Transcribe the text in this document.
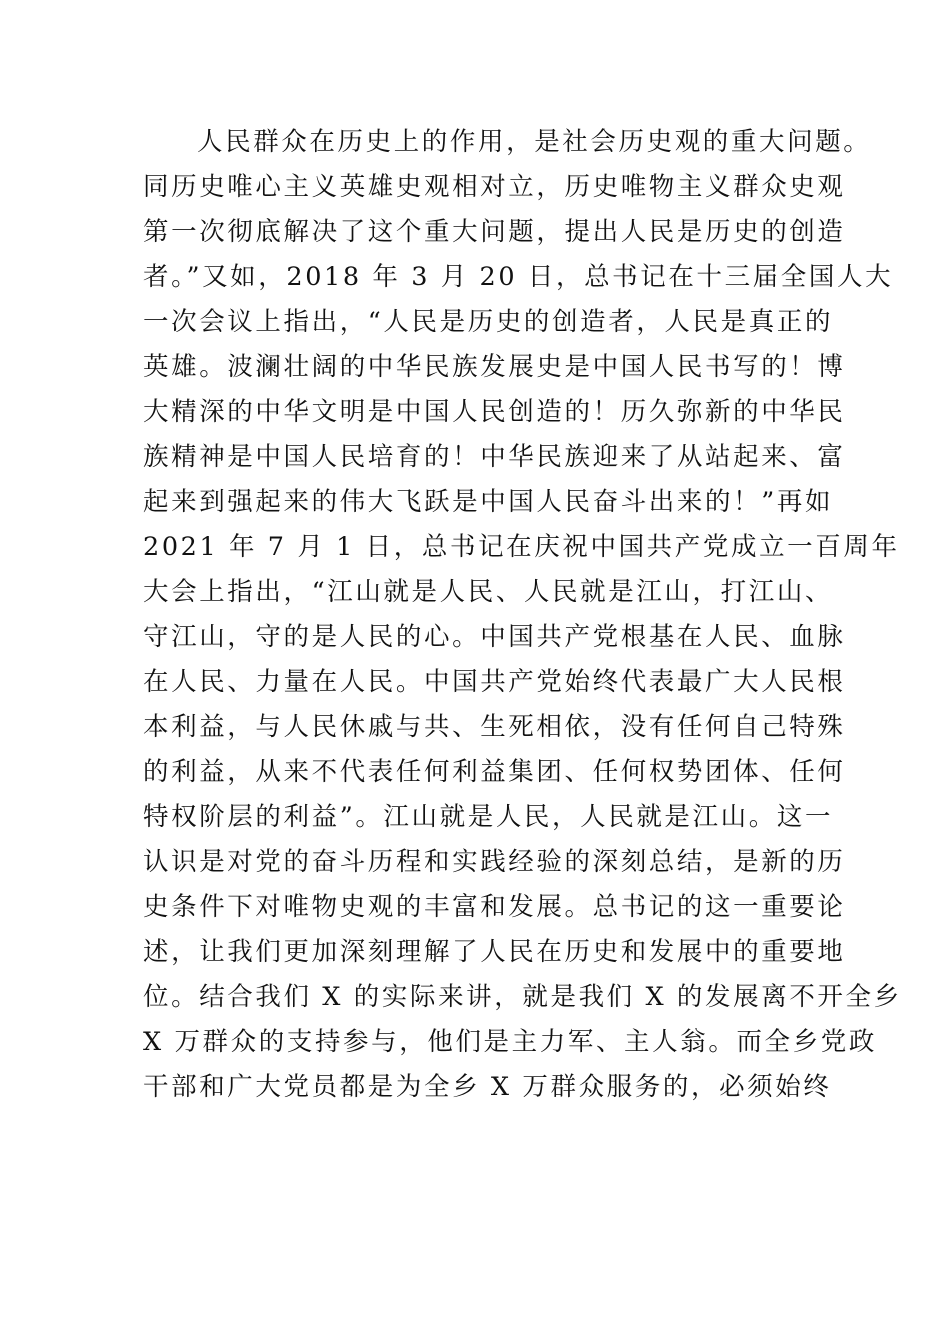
人民群众在历史上的作用，是社会历史观的重大问题。
同历史唯心主义英雄史观相对立，历史唯物主义群众史观
第一次彻底解决了这个重大问题，提出人民是历史的创造
者。”又如，2018 年 3 月 20 日，总书记在十三届全国人大
一次会议上指出，“人民是历史的创造者，人民是真正的
英雄。波澜壮阔的中华民族发展史是中国人民书写的！博
大精深的中华文明是中国人民创造的！历久弥新的中华民
族精神是中国人民培育的！中华民族迎来了从站起来、富
起来到强起来的伟大飞跃是中国人民奋斗出来的！”再如
2021 年 7 月 1 日，总书记在庆祝中国共产党成立一百周年
大会上指出，“江山就是人民、人民就是江山，打江山、
守江山，守的是人民的心。中国共产党根基在人民、血脉
在人民、力量在人民。中国共产党始终代表最广大人民根
本利益，与人民休戚与共、生死相依，没有任何自己特殊
的利益，从来不代表任何利益集团、任何权势团体、任何
特权阶层的利益”。江山就是人民，人民就是江山。这一
认识是对党的奋斗历程和实践经验的深刻总结，是新的历
史条件下对唯物史观的丰富和发展。总书记的这一重要论
述，让我们更加深刻理解了人民在历史和发展中的重要地
位。结合我们 X 的实际来讲，就是我们 X 的发展离不开全乡
X 万群众的支持参与，他们是主力军、主人翁。而全乡党政
干部和广大党员都是为全乡 X 万群众服务的，必须始终
